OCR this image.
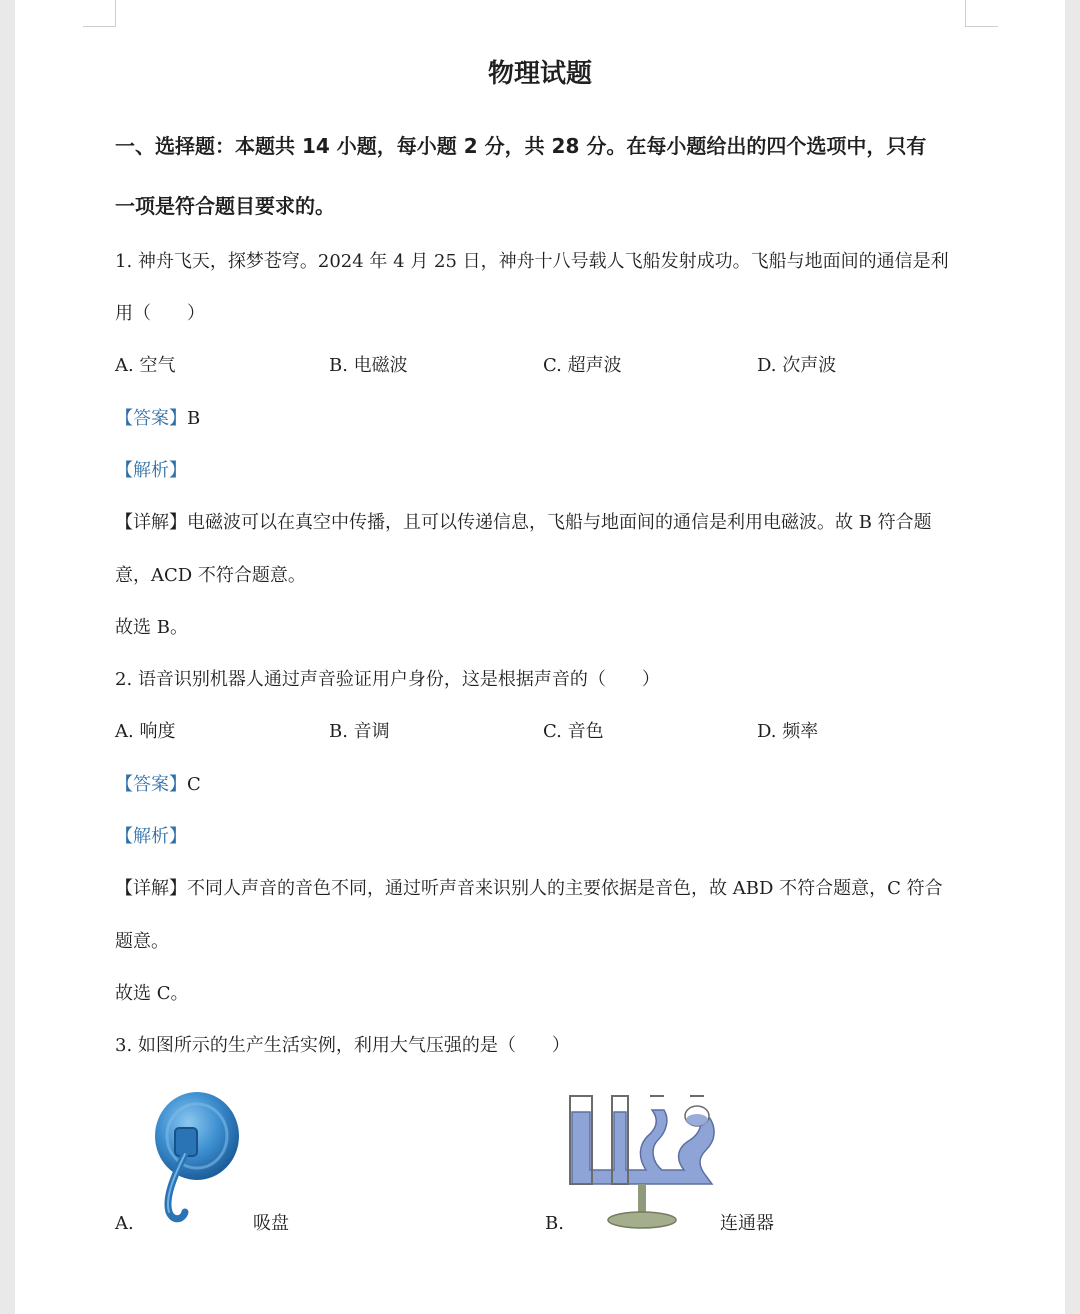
物理试题
一、选择题：本题共 14 小题，每小题 2 分，共 28 分。在每小题给出的四个选项中，只有
一项是符合题目要求的。
1. 神舟飞天，探梦苍穹。2024 年 4 月 25 日，神舟十八号载人飞船发射成功。飞船与地面间的通信是利
用（　　）
A. 空气	B. 电磁波	C. 超声波	D. 次声波
【答案】B
【解析】
【详解】电磁波可以在真空中传播，且可以传递信息，飞船与地面间的通信是利用电磁波。故 B 符合题
意，ACD 不符合题意。
故选 B。
2. 语音识别机器人通过声音验证用户身份，这是根据声音的（　　）
A. 响度	B. 音调	C. 音色	D. 频率
【答案】C
【解析】
【详解】不同人声音的音色不同，通过听声音来识别人的主要依据是音色，故 ABD 不符合题意，C 符合
题意。
故选 C。
3. 如图所示的生产生活实例，利用大气压强的是（　　）
A.	吸盘	B.	连通器
